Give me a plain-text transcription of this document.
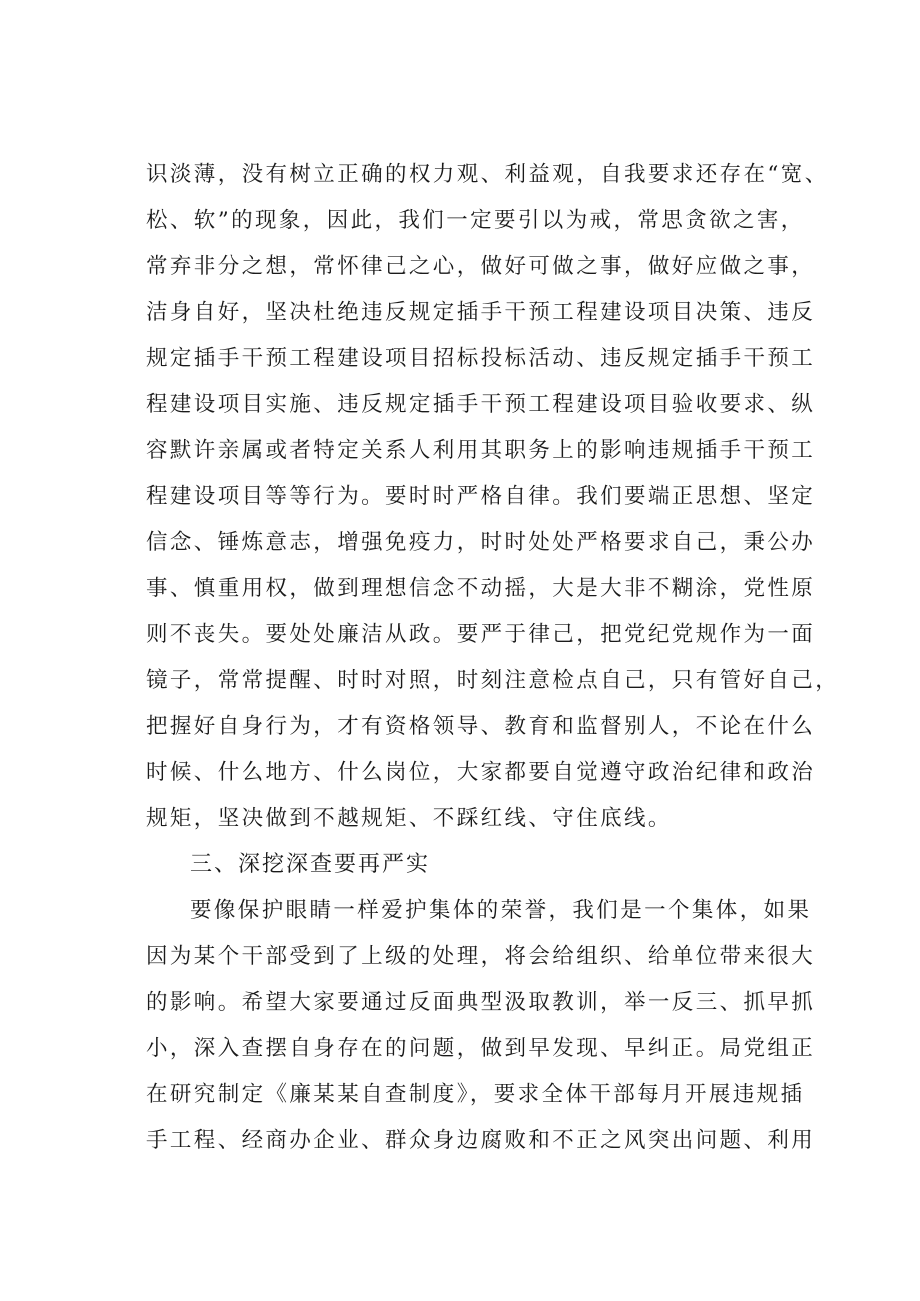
识淡薄，没有树立正确的权力观、利益观，自我要求还存在“宽、
松、软”的现象，因此，我们一定要引以为戒，常思贪欲之害，
常弃非分之想，常怀律己之心，做好可做之事，做好应做之事，
洁身自好，坚决杜绝违反规定插手干预工程建设项目决策、违反
规定插手干预工程建设项目招标投标活动、违反规定插手干预工
程建设项目实施、违反规定插手干预工程建设项目验收要求、纵
容默许亲属或者特定关系人利用其职务上的影响违规插手干预工
程建设项目等等行为。要时时严格自律。我们要端正思想、坚定
信念、锤炼意志，增强免疫力，时时处处严格要求自己，秉公办
事、慎重用权，做到理想信念不动摇，大是大非不糊涂，党性原
则不丧失。要处处廉洁从政。要严于律己，把党纪党规作为一面
镜子，常常提醒、时时对照，时刻注意检点自己，只有管好自己，
把握好自身行为，才有资格领导、教育和监督别人，不论在什么
时候、什么地方、什么岗位，大家都要自觉遵守政治纪律和政治
规矩，坚决做到不越规矩、不踩红线、守住底线。
三、深挖深查要再严实
要像保护眼睛一样爱护集体的荣誉，我们是一个集体，如果
因为某个干部受到了上级的处理，将会给组织、给单位带来很大
的影响。希望大家要通过反面典型汲取教训，举一反三、抓早抓
小，深入查摆自身存在的问题，做到早发现、早纠正。局党组正
在研究制定《廉某某自查制度》，要求全体干部每月开展违规插
手工程、经商办企业、群众身边腐败和不正之风突出问题、利用
